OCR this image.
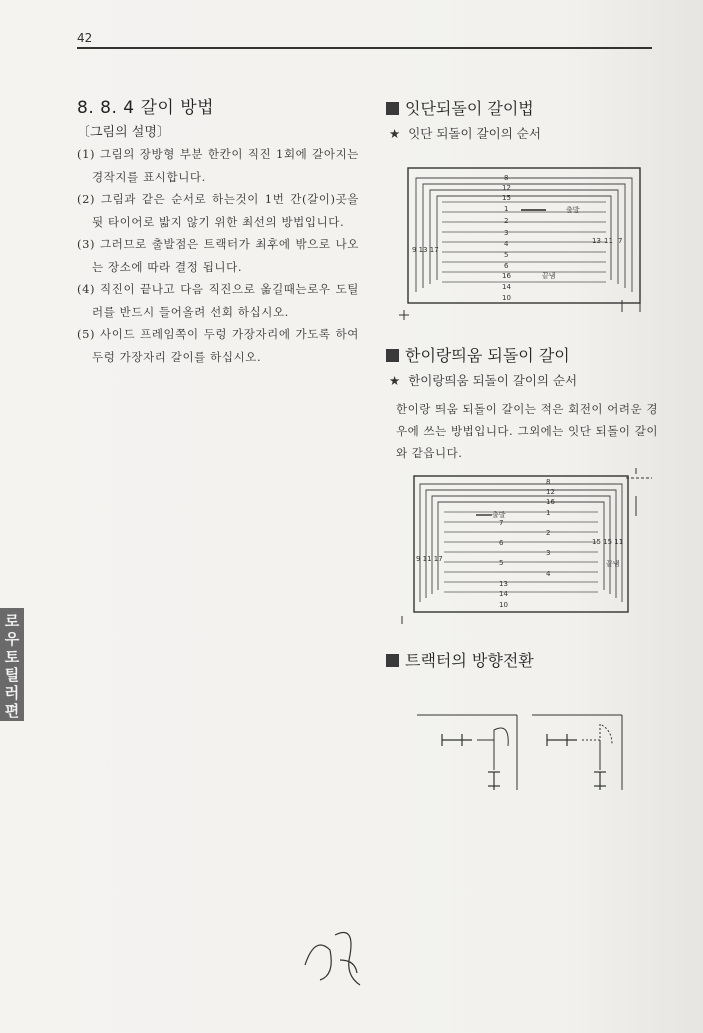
42
8. 8. 4 갈이 방법
〔그림의 설명〕
(1) 그림의 장방형 부분 한칸이 직진 1회에 갈아지는 경작지를 표시합니다.
(2) 그림과 같은 순서로 하는것이 1번 간(갈이)곳을 뒷 타이어로 밟지 않기 위한 최선의 방법입니다.
(3) 그러므로 출발점은 트랙터가 최후에 밖으로 나오는 장소에 따라 결정 됩니다.
(4) 직진이 끝나고 다음 직진으로 옮길때는로우 도틸러를 반드시 들어올려 선회 하십시오.
(5) 사이드 프레임쪽이 두렁 가장자리에 가도록 하여 두렁 가장자리 갈이를 하십시오.
잇단되돌이 갈이법
★ 잇단 되돌이 갈이의 순서
8
12
15
1
2
3
4
5
6
16
14
10
9 13 17
13 11 7
출발
끝냄
한이랑띄움 되돌이 갈이
★ 한이랑띄움 되돌이 갈이의 순서

한이랑 띄움 되돌이 갈이는 적은 회전이 어려운 경우에 쓰는 방법입니다. 그외에는 잇단 되돌이 갈이와 같읍니다.

8
12
16
1
7
2
6
3
5
4
13
14
10
9 11 17
15 15 11
출발
끝냄
트랙터의 방향전환
로우토틸러편
